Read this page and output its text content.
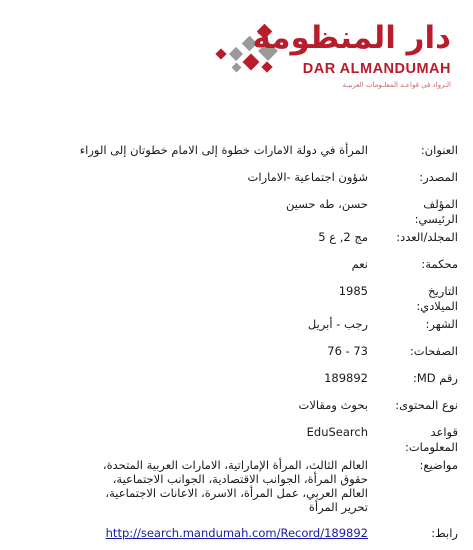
دار المنظومة
DAR ALMANDUMAH
الـرواد في قواعـد المعلـومات العربيـة
العنوان:	المرأة في دولة الامارات خطوة إلى الامام خطوتان إلى الوراء
المصدر:	شؤون اجتماعية -الامارات
المؤلف الرئيسي:	حسن، طه حسين
المجلد/العدد:	مج 2, ع 5
محكمة:	نعم
التاريخ الميلادي:	1985
الشهر:	رجب - أبريل
الصفحات:	73 - 76
رقم MD:	189892
نوع المحتوى:	بحوث ومقالات
قواعد المعلومات:	EduSearch
مواضيع:	العالم الثالث، المرأة الإماراتية، الامارات العربية المتحدة،
حقوق المرأة، الجوانب الاقتصادية، الجوانب الاجتماعية،
العالم العربي، عمل المرأة، الاسرة، الاعانات الاجتماعية،
تحرير المرأة

رابط:	http://search.mandumah.com/Record/189892
